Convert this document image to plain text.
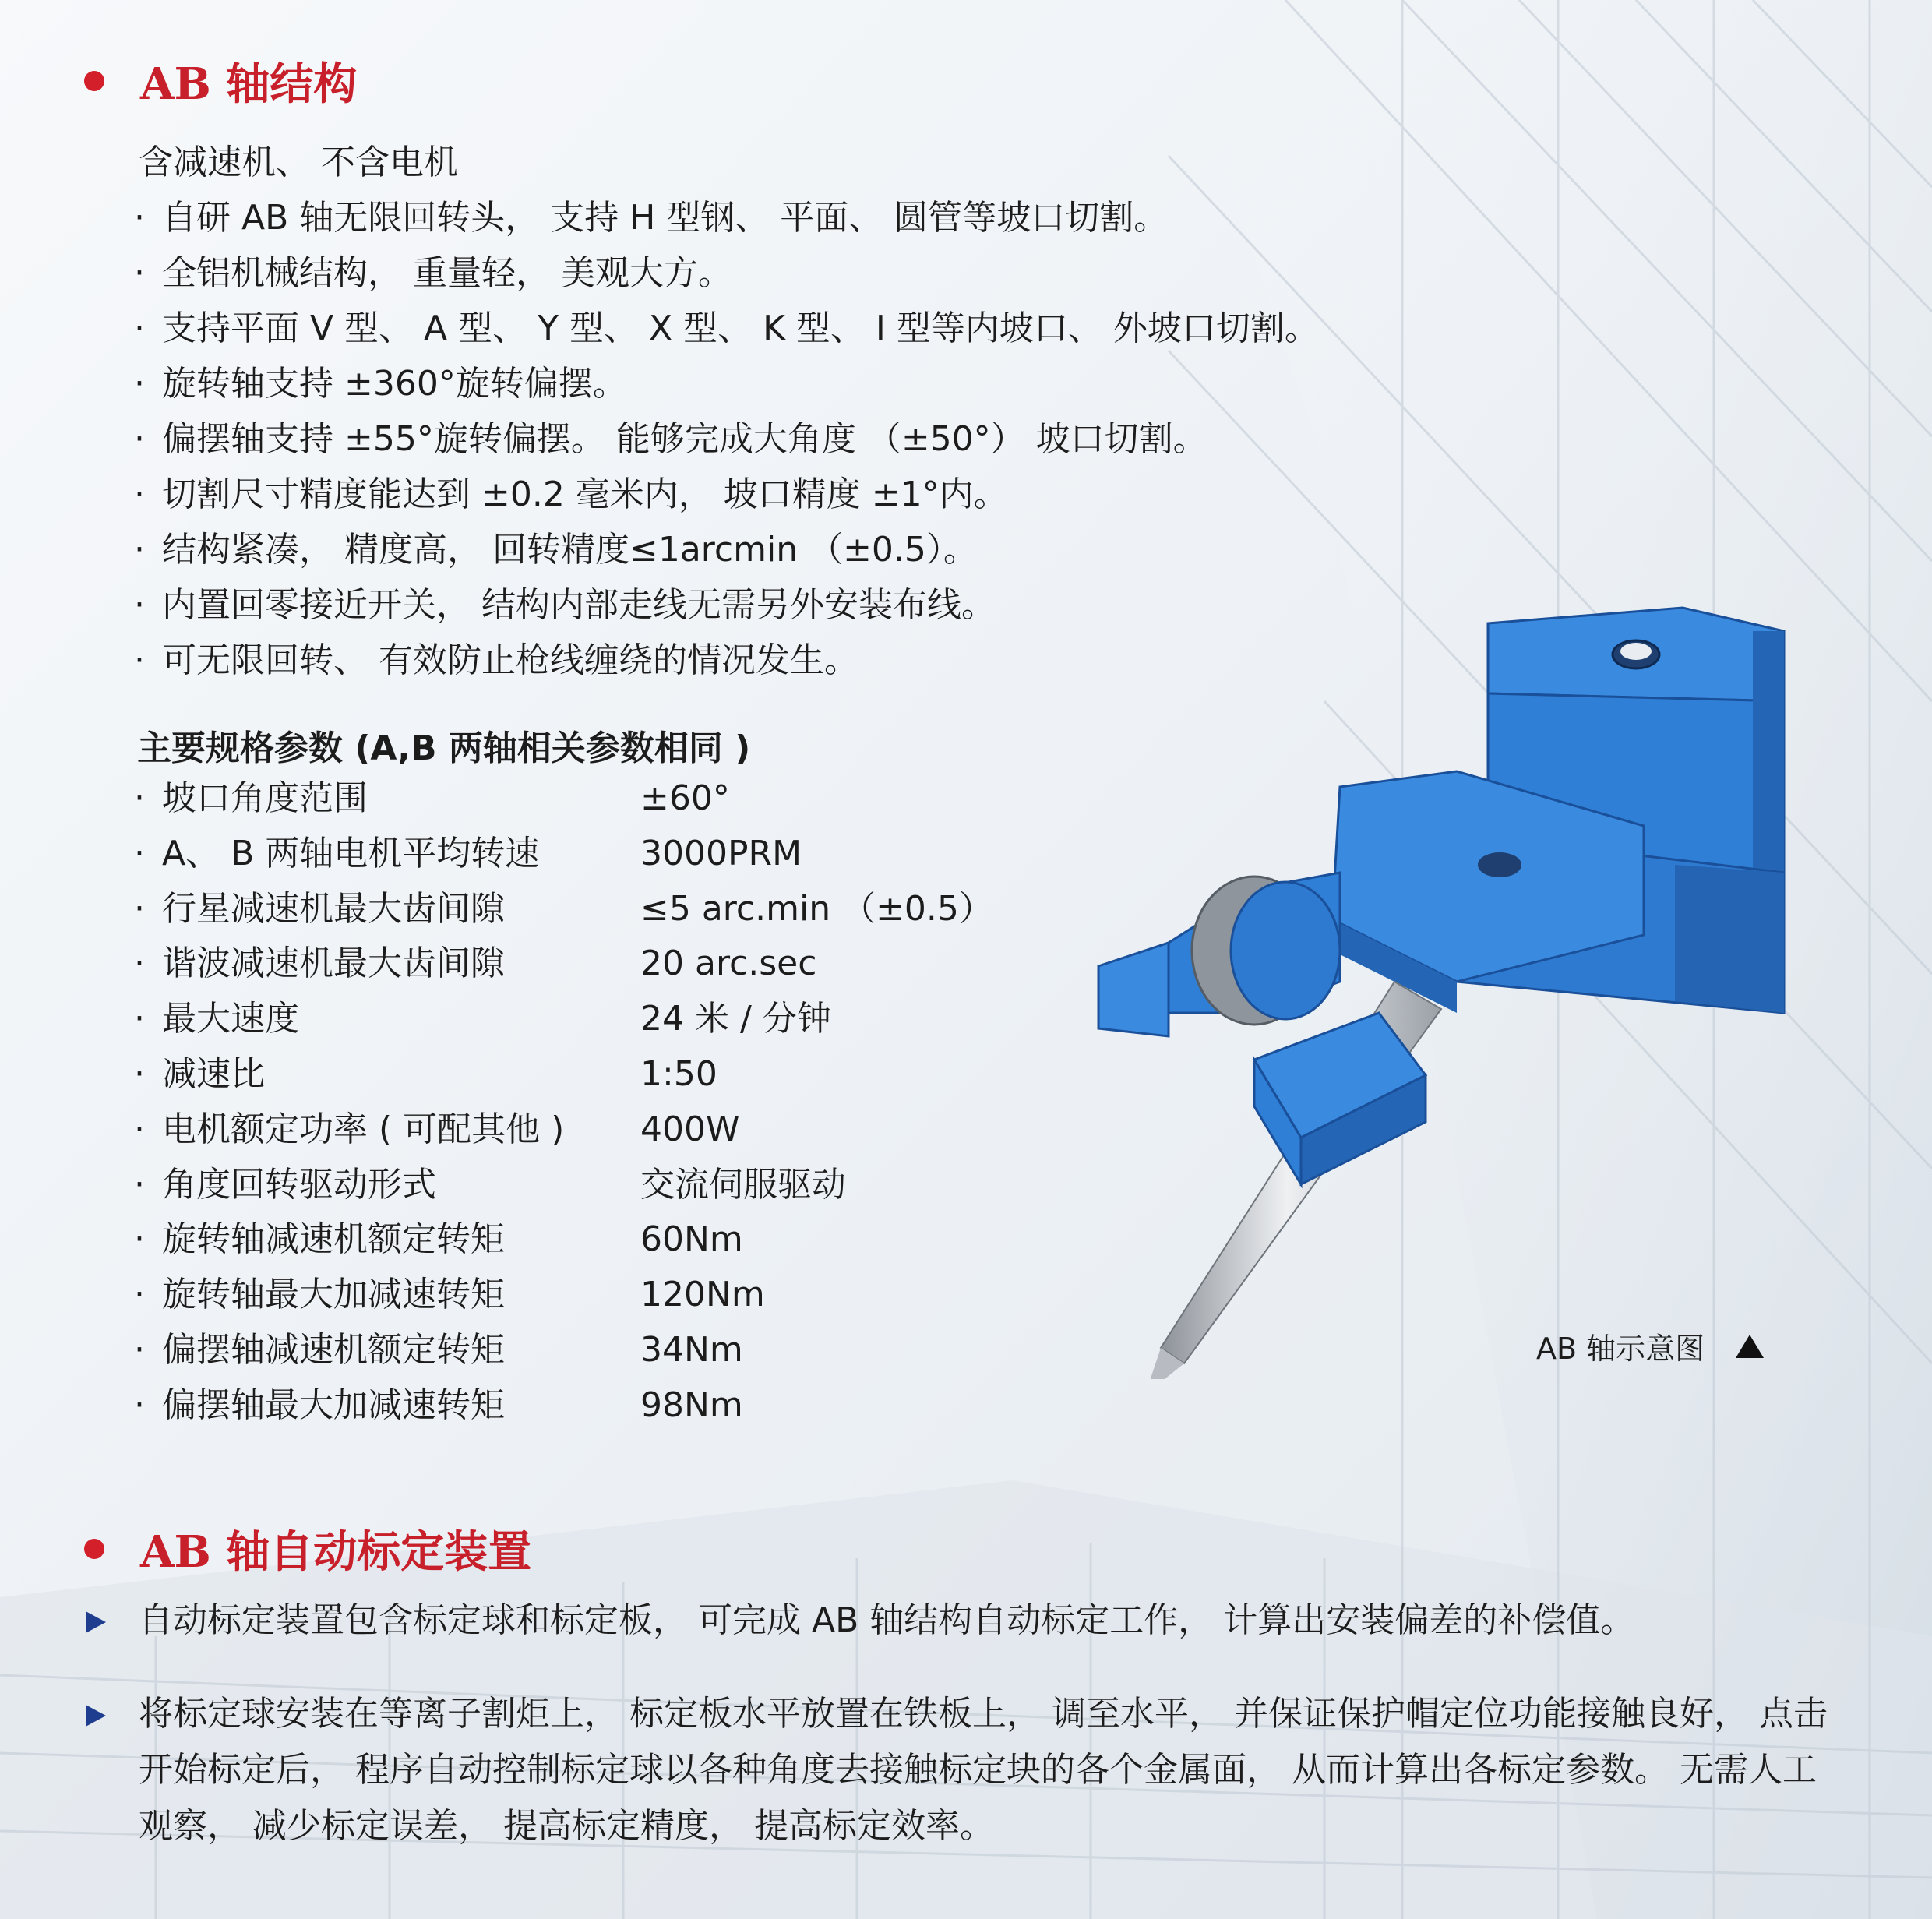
AB 轴结构
含减速机、 不含电机
· 自研 AB 轴无限回转头， 支持 H 型钢、 平面、 圆管等坡口切割。
· 全铝机械结构， 重量轻， 美观大方。
· 支持平面 V 型、 A 型、 Y 型、 X 型、 K 型、 I 型等内坡口、 外坡口切割。
· 旋转轴支持 ±360°旋转偏摆。
· 偏摆轴支持 ±55°旋转偏摆。 能够完成大角度 （±50°） 坡口切割。
· 切割尺寸精度能达到 ±0.2 毫米内， 坡口精度 ±1°内。
· 结构紧凑， 精度高， 回转精度≤1arcmin （±0.5）。
· 内置回零接近开关， 结构内部走线无需另外安装布线。
· 可无限回转、 有效防止枪线缠绕的情况发生。
主要规格参数 (A,B 两轴相关参数相同 )
· 坡口角度范围	±60°
· A、 B 两轴电机平均转速	3000PRM
· 行星减速机最大齿间隙	≤5 arc.min （±0.5）
· 谐波减速机最大齿间隙	20 arc.sec
· 最大速度	24 米 / 分钟
· 减速比	1:50
· 电机额定功率 ( 可配其他 )	400W
· 角度回转驱动形式	交流伺服驱动
· 旋转轴减速机额定转矩	60Nm
· 旋转轴最大加减速转矩	120Nm
· 偏摆轴减速机额定转矩	34Nm
· 偏摆轴最大加减速转矩	98Nm
AB 轴示意图
AB 轴自动标定装置
自动标定装置包含标定球和标定板， 可完成 AB 轴结构自动标定工作， 计算出安装偏差的补偿值。
将标定球安装在等离子割炬上， 标定板水平放置在铁板上， 调至水平， 并保证保护帽定位功能接触良好， 点击开始标定后， 程序自动控制标定球以各种角度去接触标定块的各个金属面， 从而计算出各标定参数。 无需人工观察， 减少标定误差， 提高标定精度， 提高标定效率。
